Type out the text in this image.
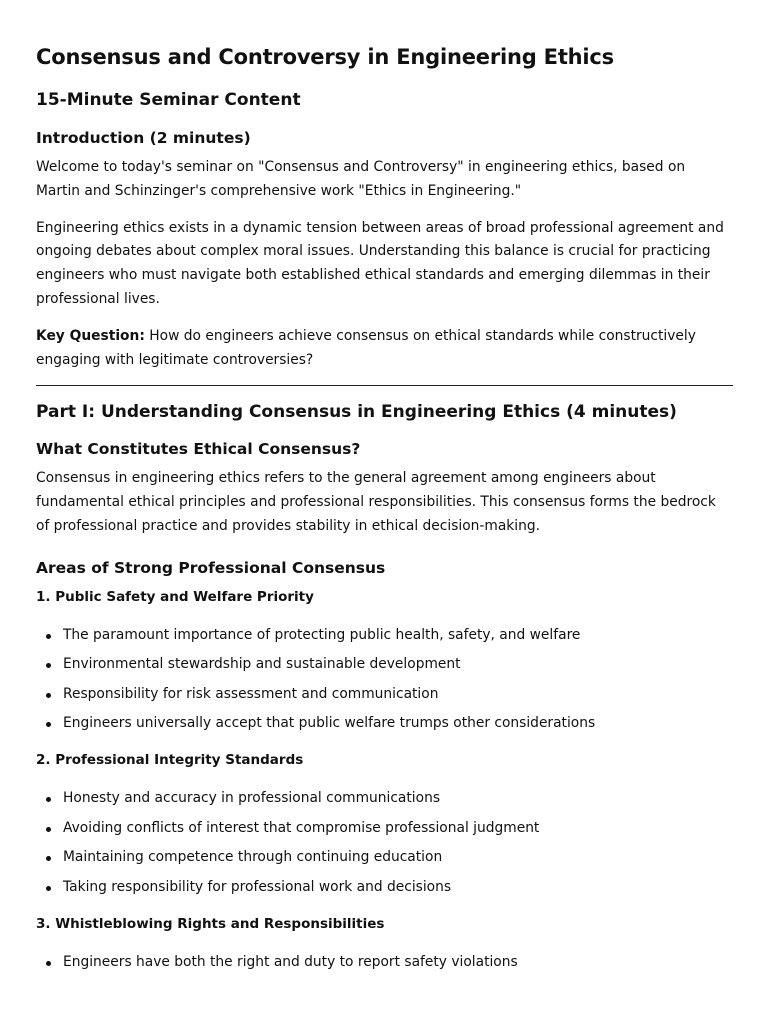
Consensus and Controversy in Engineering Ethics
15-Minute Seminar Content
Introduction (2 minutes)

Welcome to today's seminar on "Consensus and Controversy" in engineering ethics, based on Martin and Schinzinger's comprehensive work "Ethics in Engineering."

Engineering ethics exists in a dynamic tension between areas of broad professional agreement and ongoing debates about complex moral issues. Understanding this balance is crucial for practicing engineers who must navigate both established ethical standards and emerging dilemmas in their professional lives.

Key Question: How do engineers achieve consensus on ethical standards while constructively engaging with legitimate controversies?

Part I: Understanding Consensus in Engineering Ethics (4 minutes)
What Constitutes Ethical Consensus?

Consensus in engineering ethics refers to the general agreement among engineers about fundamental ethical principles and professional responsibilities. This consensus forms the bedrock of professional practice and provides stability in ethical decision-making.

Areas of Strong Professional Consensus
1. Public Safety and Welfare Priority
The paramount importance of protecting public health, safety, and welfare
Environmental stewardship and sustainable development
Responsibility for risk assessment and communication
Engineers universally accept that public welfare trumps other considerations
2. Professional Integrity Standards
Honesty and accuracy in professional communications
Avoiding conflicts of interest that compromise professional judgment
Maintaining competence through continuing education
Taking responsibility for professional work and decisions
3. Whistleblowing Rights and Responsibilities
Engineers have both the right and duty to report safety violations
